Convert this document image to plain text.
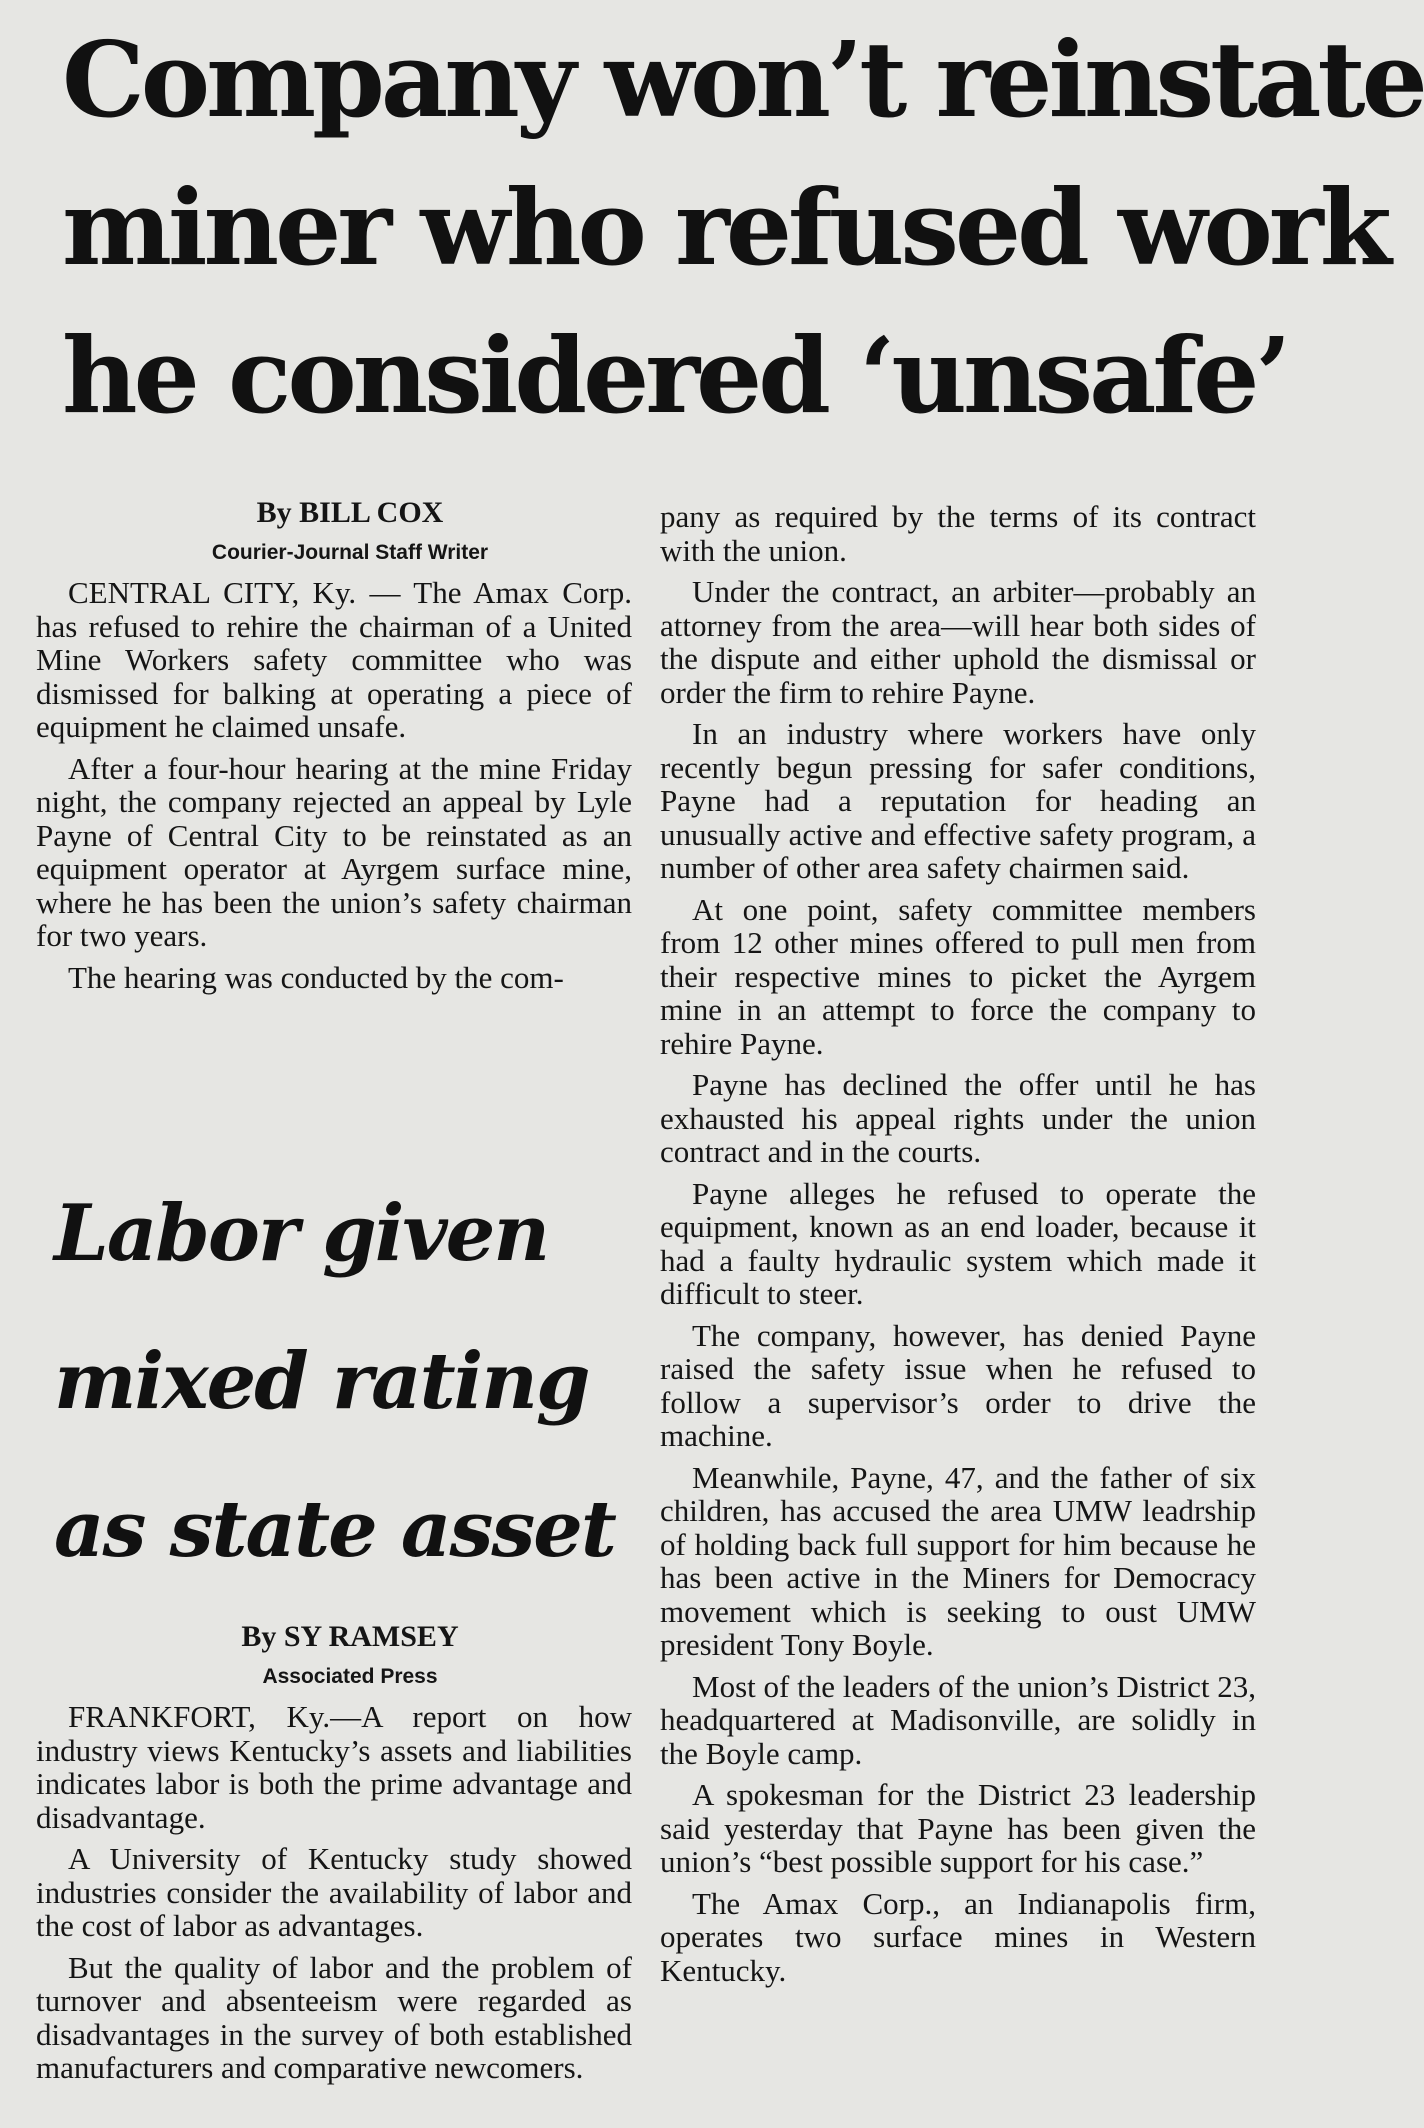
Company won’t reinstate
miner who refused work
he considered ‘unsafe’

By BILL COX

Courier-Journal Staff Writer

CENTRAL CITY, Ky. — The Amax Corp. has refused to rehire the chairman of a United Mine Workers safety committee who was dismissed for balking at operating a piece of equipment he claimed unsafe.

After a four-hour hearing at the mine Friday night, the company rejected an appeal by Lyle Payne of Central City to be reinstated as an equipment operator at Ayrgem surface mine, where he has been the union’s safety chairman for two years.

The hearing was conducted by the com-

Labor given
mixed rating
as state asset

By SY RAMSEY

Associated Press

FRANKFORT, Ky.—A report on how industry views Kentucky’s assets and liabilities indicates labor is both the prime advantage and disadvantage.

A University of Kentucky study showed industries consider the availability of labor and the cost of labor as advantages.

But the quality of labor and the problem of turnover and absenteeism were regarded as disadvantages in the survey of both established manufacturers and comparative newcomers.

pany as required by the terms of its contract with the union.

Under the contract, an arbiter—probably an attorney from the area—will hear both sides of the dispute and either uphold the dismissal or order the firm to rehire Payne.

In an industry where workers have only recently begun pressing for safer conditions, Payne had a reputation for heading an unusually active and effective safety program, a number of other area safety chairmen said.

At one point, safety committee members from 12 other mines offered to pull men from their respective mines to picket the Ayrgem mine in an attempt to force the company to rehire Payne.

Payne has declined the offer until he has exhausted his appeal rights under the union contract and in the courts.

Payne alleges he refused to operate the equipment, known as an end loader, because it had a faulty hydraulic system which made it difficult to steer.

The company, however, has denied Payne raised the safety issue when he refused to follow a supervisor’s order to drive the machine.

Meanwhile, Payne, 47, and the father of six children, has accused the area UMW leadrship of holding back full support for him because he has been active in the Miners for Democracy movement which is seeking to oust UMW president Tony Boyle.

Most of the leaders of the union’s District 23, headquartered at Madisonville, are solidly in the Boyle camp.

A spokesman for the District 23 leadership said yesterday that Payne has been given the union’s “best possible support for his case.”

The Amax Corp., an Indianapolis firm, operates two surface mines in Western Kentucky.
